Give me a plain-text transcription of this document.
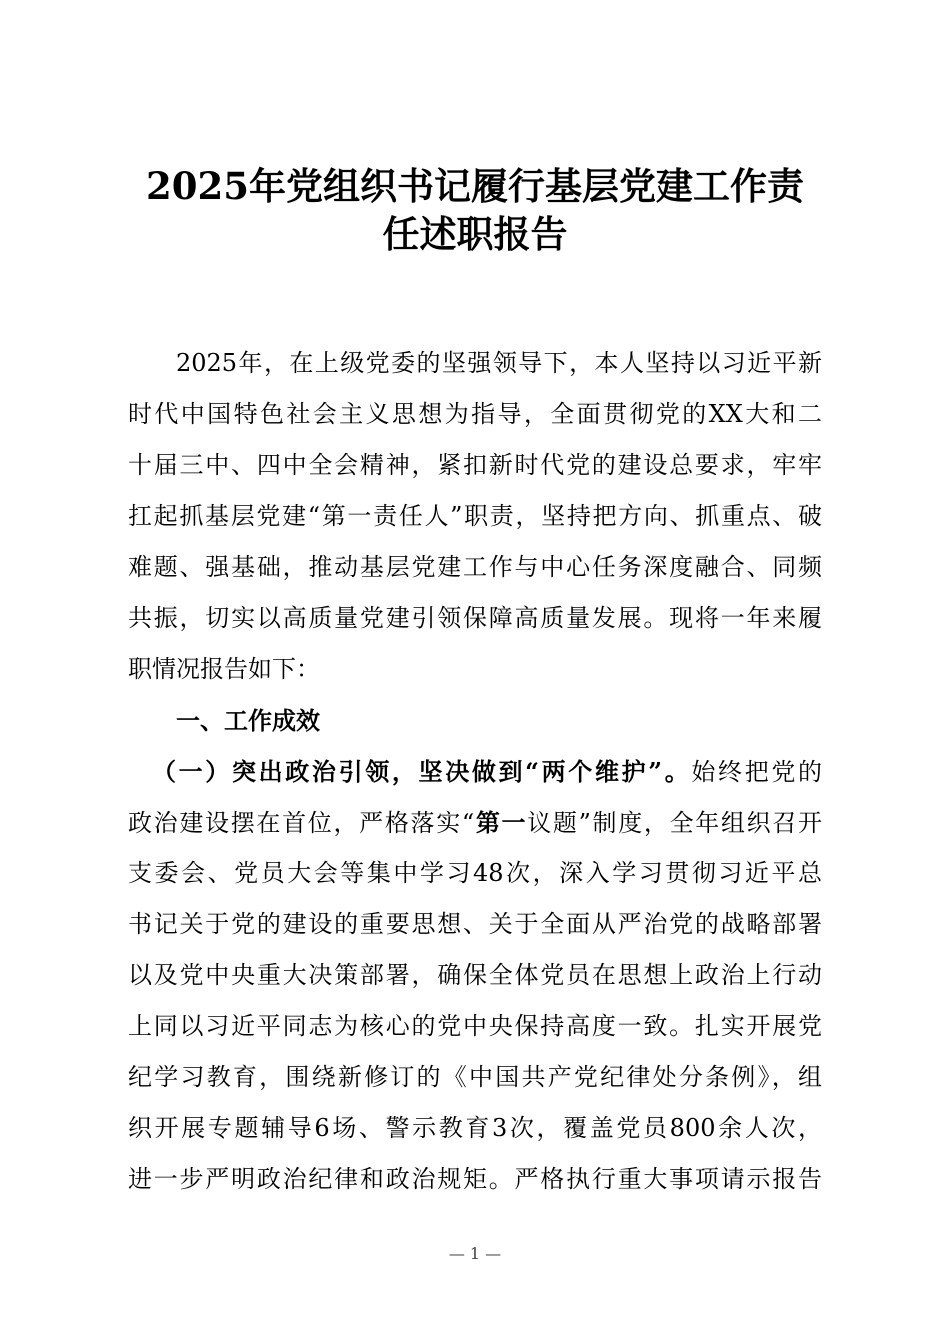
2025年党组织书记履行基层党建工作责
任述职报告
2025年，在上级党委的坚强领导下，本人坚持以习近平新
时代中国特色社会主义思想为指导，全面贯彻党的XX大和二
十届三中、四中全会精神，紧扣新时代党的建设总要求，牢牢
扛起抓基层党建“第一责任人”职责，坚持把方向、抓重点、破
难题、强基础，推动基层党建工作与中心任务深度融合、同频
共振，切实以高质量党建引领保障高质量发展。现将一年来履
职情况报告如下：
一、工作成效
（一）突出政治引领，坚决做到“两个维护”。始终把党的
政治建设摆在首位，严格落实“第一议题”制度，全年组织召开
支委会、党员大会等集中学习48次，深入学习贯彻习近平总
书记关于党的建设的重要思想、关于全面从严治党的战略部署
以及党中央重大决策部署，确保全体党员在思想上政治上行动
上同以习近平同志为核心的党中央保持高度一致。扎实开展党
纪学习教育，围绕新修订的《中国共产党纪律处分条例》，组
织开展专题辅导6场、警示教育3次，覆盖党员800余人次，
进一步严明政治纪律和政治规矩。严格执行重大事项请示报告
— 1 —
